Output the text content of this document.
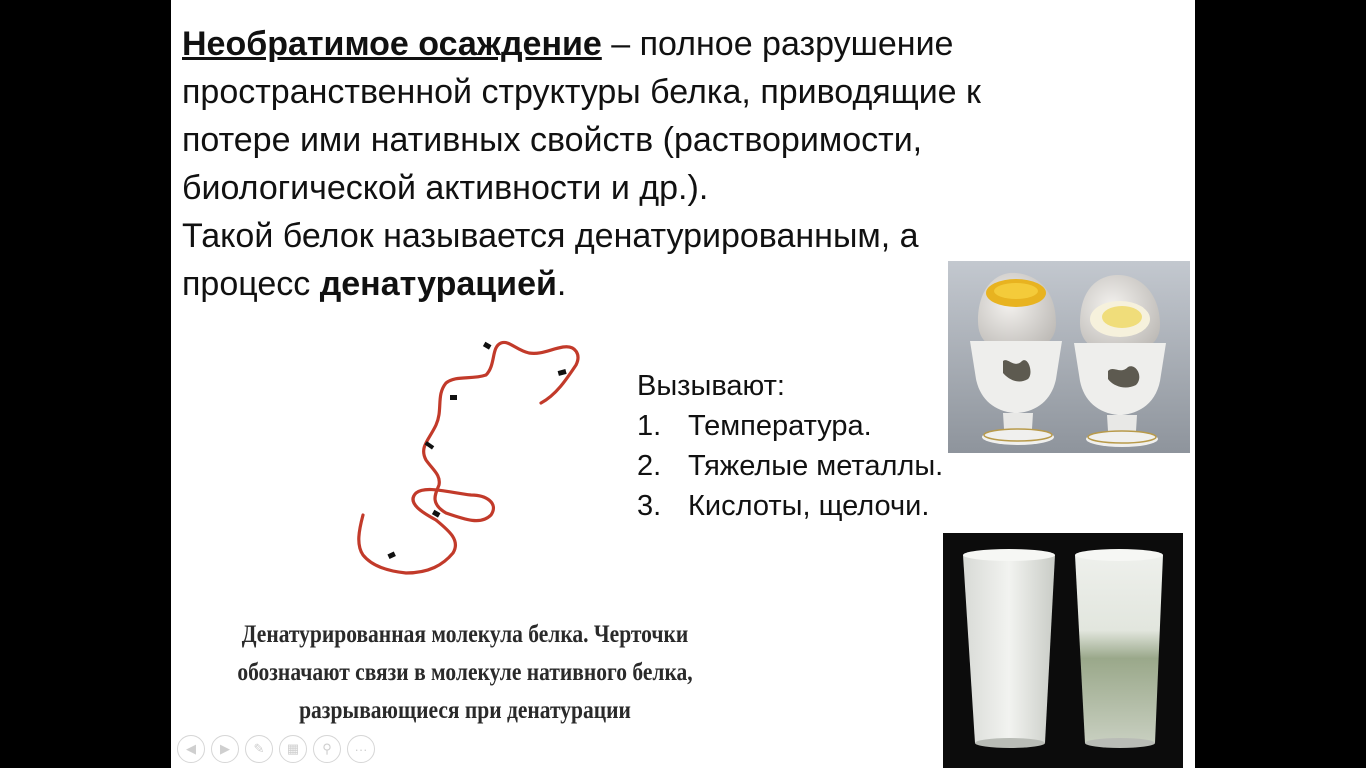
Необратимое осаждение – полное разрушение
пространственной структуры белка, приводящие к
потере ими нативных свойств (растворимости,
биологической активности и др.).
Такой белок называется денатурированным, а
процесс денатурацией.
Вызывают:
1. Температура.
2. Тяжелые металлы.
3. Кислоты, щелочи.
Денатурированная молекула белка. Черточки
обозначают связи в молекуле нативного белка,
разрывающиеся при денатурации
◀	▶	✎	▦	⚲	···
